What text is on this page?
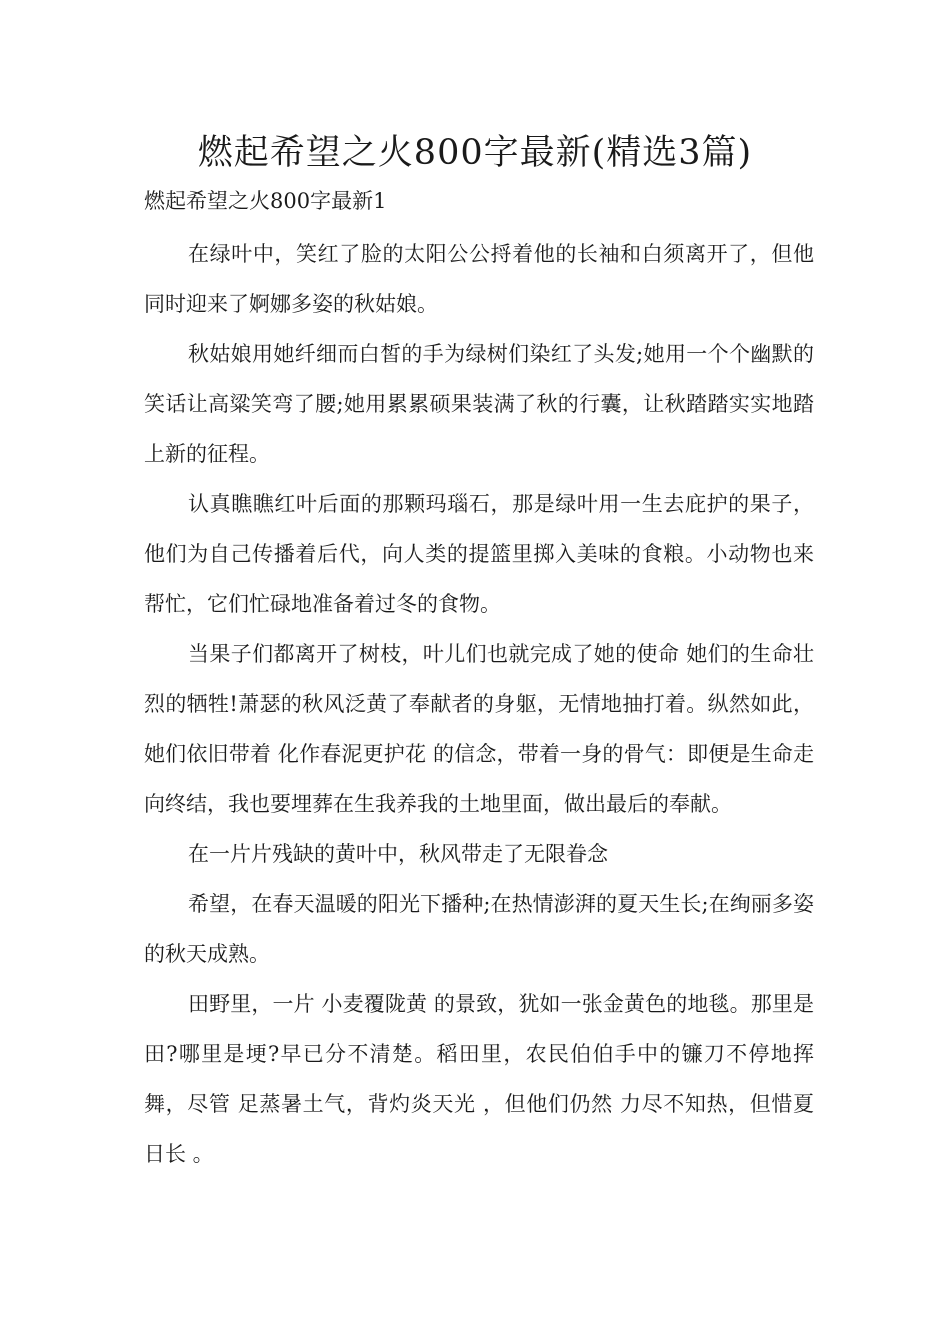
燃起希望之火800字最新(精选3篇)
燃起希望之火800字最新1

在绿叶中，笑红了脸的太阳公公捋着他的长袖和白须离开了，但他同时迎来了婀娜多姿的秋姑娘。

秋姑娘用她纤细而白皙的手为绿树们染红了头发;她用一个个幽默的笑话让高粱笑弯了腰;她用累累硕果装满了秋的行囊，让秋踏踏实实地踏上新的征程。

认真瞧瞧红叶后面的那颗玛瑙石，那是绿叶用一生去庇护的果子，他们为自己传播着后代，向人类的提篮里掷入美味的食粮。小动物也来帮忙，它们忙碌地准备着过冬的食物。

当果子们都离开了树枝，叶儿们也就完成了她的使命 她们的生命壮烈的牺牲!萧瑟的秋风泛黄了奉献者的身躯，无情地抽打着。纵然如此，她们依旧带着 化作春泥更护花 的信念，带着一身的骨气：即便是生命走向终结，我也要埋葬在生我养我的土地里面，做出最后的奉献。

在一片片残缺的黄叶中，秋风带走了无限眷念

希望，在春天温暖的阳光下播种;在热情澎湃的夏天生长;在绚丽多姿的秋天成熟。

田野里，一片 小麦覆陇黄 的景致，犹如一张金黄色的地毯。那里是田?哪里是埂?早已分不清楚。稻田里，农民伯伯手中的镰刀不停地挥舞，尽管 足蒸暑土气，背灼炎天光 ，但他们仍然 力尽不知热，但惜夏日长 。
